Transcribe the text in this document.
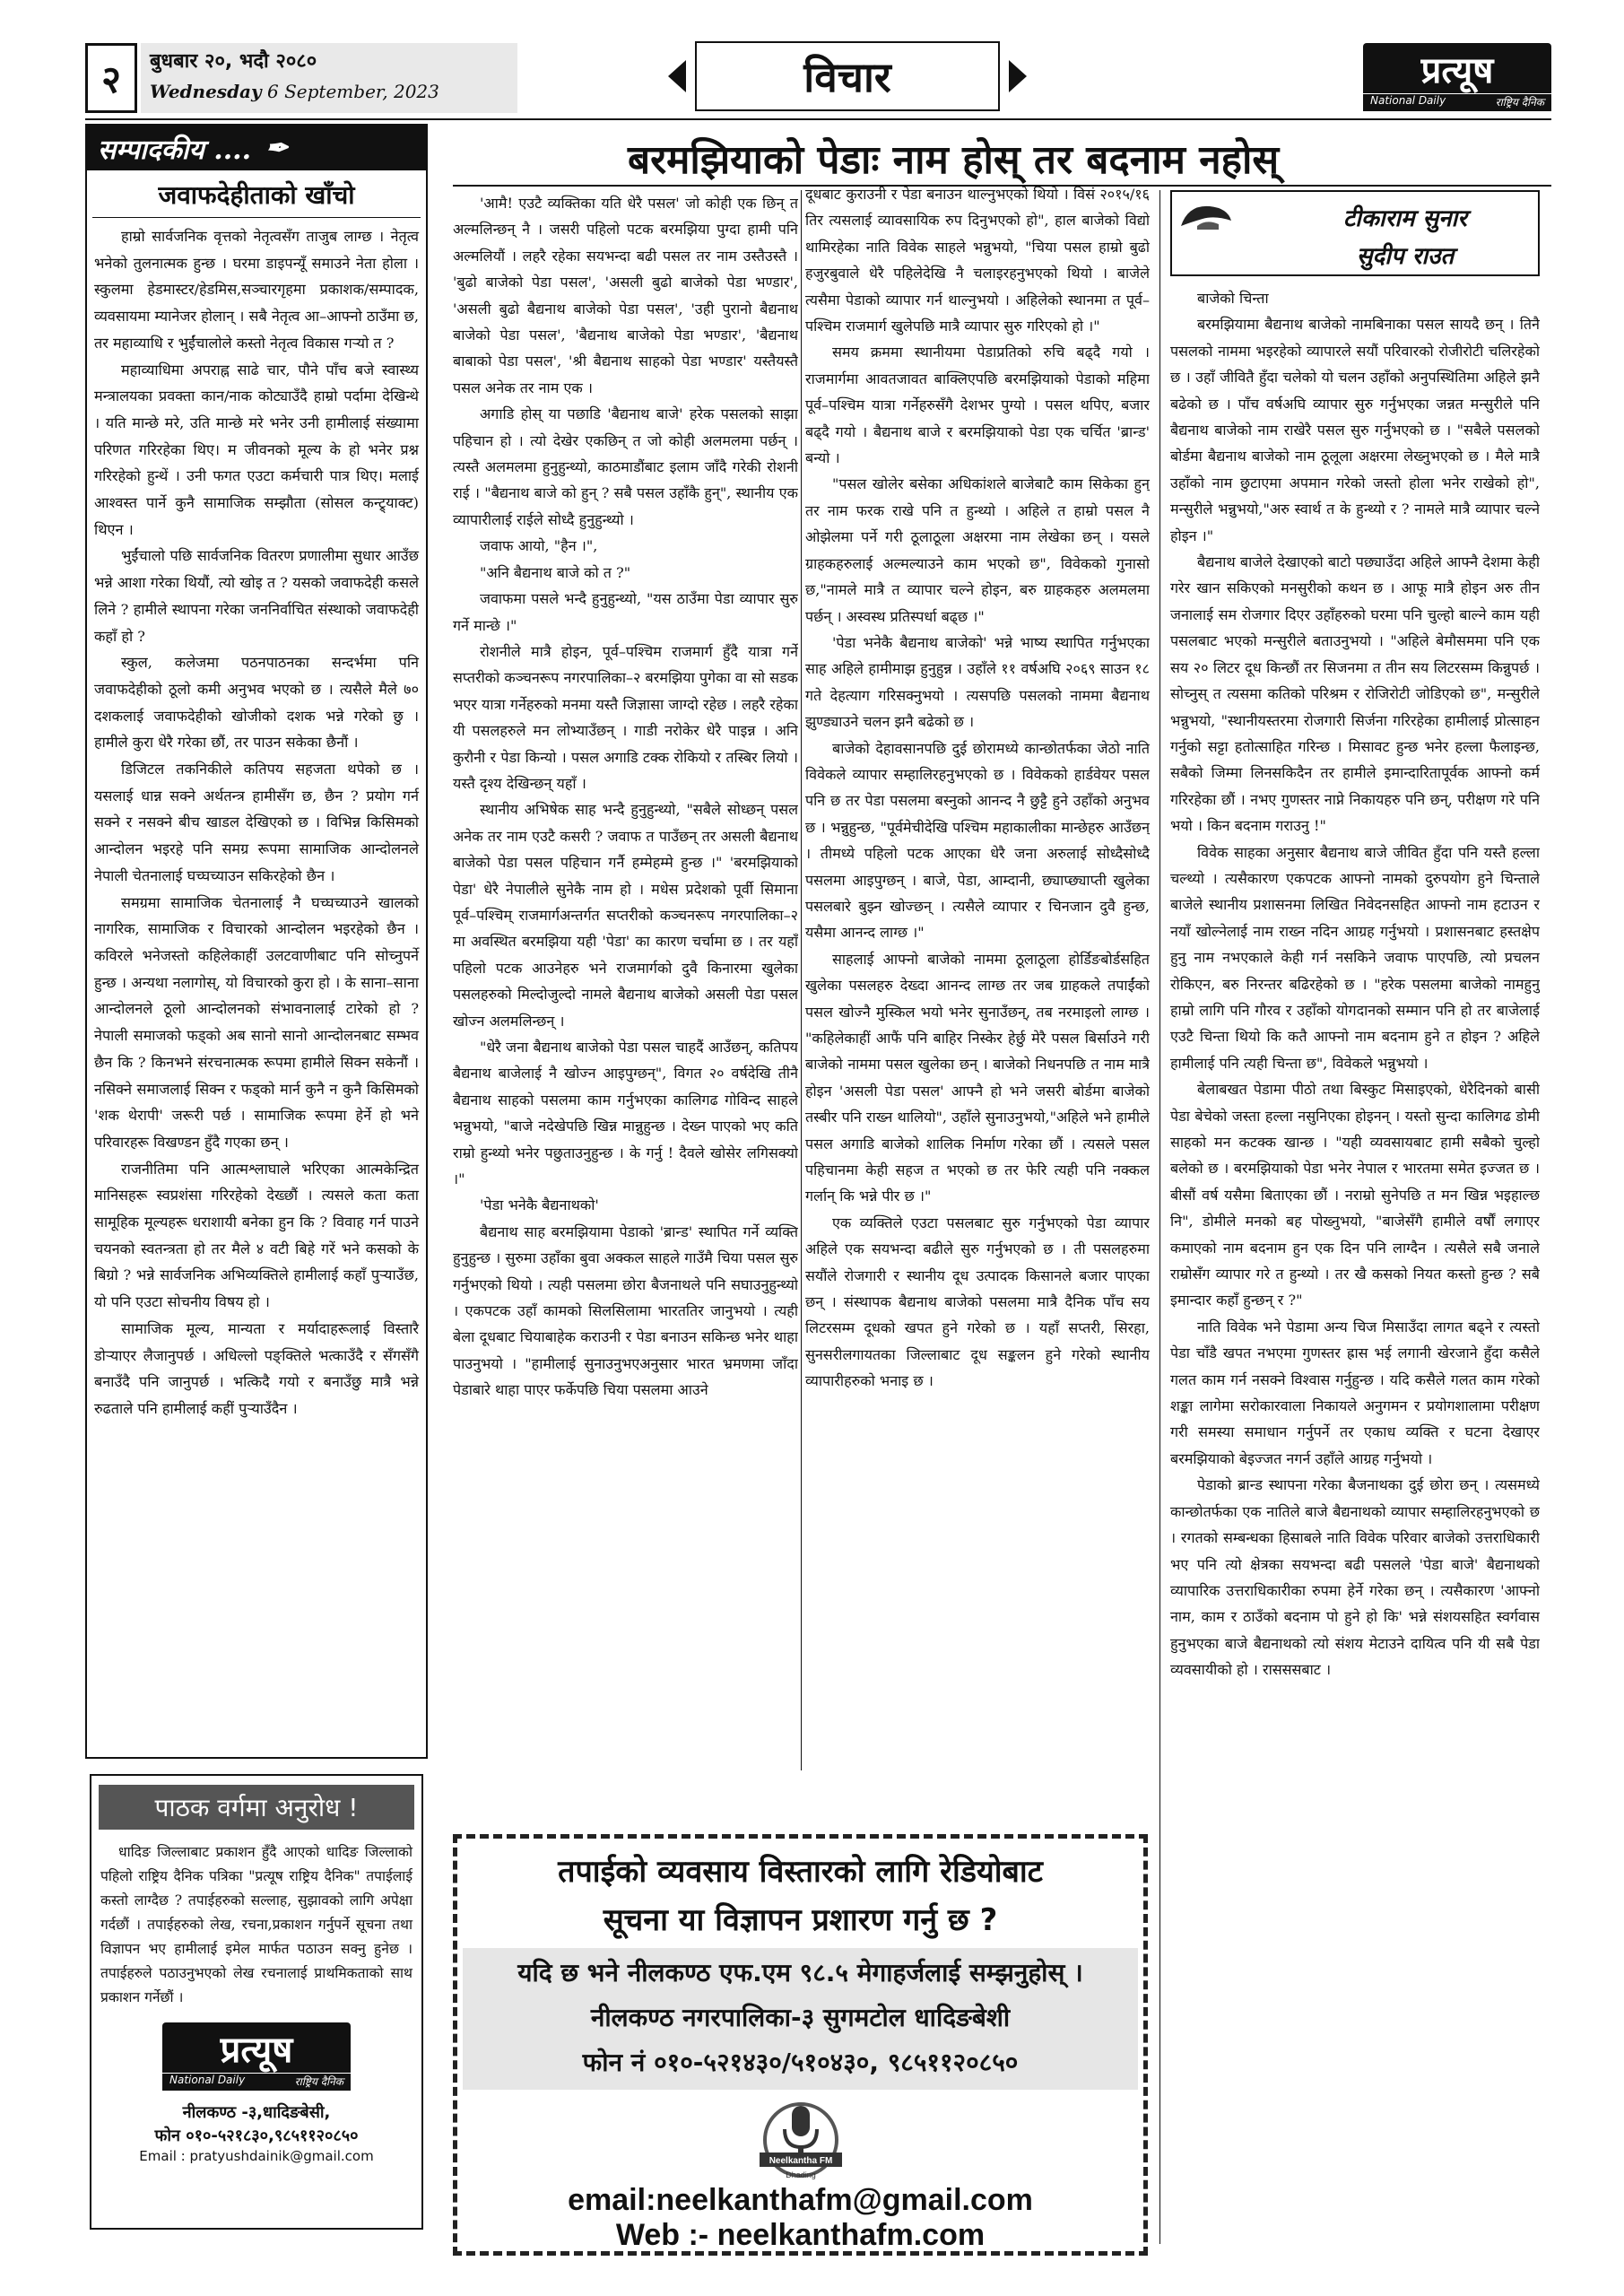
२	बुधबार २०, भदौ २०८०
Wednesday 6 September, 2023	विचार	प्रत्यूष
National Daily	राष्ट्रिय दैनिक
सम्पादकीय .... ✒
जवाफदेहीताको खाँचो

हाम्रो सार्वजनिक वृत्तको नेतृत्वसँग ताजुब लाग्छ । नेतृत्व भनेको तुलनात्मक हुन्छ । घरमा डाइपन्यूँ समाउने नेता होला । स्कुलमा हेडमास्टर/हेडमिस,सञ्चारगृहमा प्रकाशक/सम्पादक, व्यवसायमा म्यानेजर होलान् । सबै नेतृत्व आ–आफ्नो ठाउँमा छ, तर महाव्याधि र भुईंचालोले कस्तो नेतृत्व विकास गर्‍यो त ?

महाव्याधिमा अपराह्न साढे चार, पौने पाँच बजे स्वास्थ्य मन्त्रालयका प्रवक्ता कान/नाक कोट्याउँदै हाम्रो पर्दामा देखिन्थे । यति मान्छे मरे, उति मान्छे मरे भनेर उनी हामीलाई संख्यामा परिणत गरिरहेका थिए। म जीवनको मूल्य के हो भनेर प्रश्न गरिरहेको हुन्थें । उनी फगत एउटा कर्मचारी पात्र थिए। मलाई आश्वस्त पार्ने कुनै सामाजिक सम्झौता (सोसल कन्ट्र्याक्ट) थिएन ।

भुईंचालो पछि सार्वजनिक वितरण प्रणालीमा सुधार आउँछ भन्ने आशा गरेका थियौं, त्यो खोइ त ? यसको जवाफदेही कसले लिने ? हामीले स्थापना गरेका जननिर्वाचित संस्थाको जवाफदेही कहाँ हो ?

स्कुल, कलेजमा पठनपाठनका सन्दर्भमा पनि जवाफदेहीको ठूलो कमी अनुभव भएको छ । त्यसैले मैले ७० दशकलाई जवाफदेहीको खोजीको दशक भन्ने गरेको छु । हामीले कुरा धेरै गरेका छौं, तर पाउन सकेका छैनौं ।

डिजिटल तकनिकीले कतिपय सहजता थपेको छ । यसलाई धान्न सक्ने अर्थतन्त्र हामीसँग छ, छैन ? प्रयोग गर्न सक्ने र नसक्ने बीच खाडल देखिएको छ । विभिन्न किसिमको आन्दोलन भइरहे पनि समग्र रूपमा सामाजिक आन्दोलनले नेपाली चेतनालाई घच्घच्याउन सकिरहेको छैन ।

समग्रमा सामाजिक चेतनालाई नै घच्घच्याउने खालको नागरिक, सामाजिक र विचारको आन्दोलन भइरहेको छैन ।कविरले भनेजस्तो कहिलेकाहीं उलटवाणीबाट पनि सोच्नुपर्ने हुन्छ । अन्यथा नलागोस्, यो विचारको कुरा हो । के साना–साना आन्दोलनले ठूलो आन्दोलनको संभावनालाई टारेको हो ? नेपाली समाजको फड्को अब सानो सानो आन्दोलनबाट सम्भव छैन कि ? किनभने संरचनात्मक रूपमा हामीले सिक्न सकेनौं । नसिक्ने समाजलाई सिक्न र फड्को मार्न कुनै न कुनै किसिमको 'शक थेरापी' जरूरी पर्छ । सामाजिक रूपमा हेर्ने हो भने परिवारहरू विखण्डन हुँदै गएका छन् ।

राजनीतिमा पनि आत्मश्लाघाले भरिएका आत्मकेन्द्रित मानिसहरू स्वप्रशंसा गरिरहेको देख्छौं । त्यसले कता कता सामूहिक मूल्यहरू धराशायी बनेका हुन कि ? विवाह गर्न पाउने चयनको स्वतन्त्रता हो तर मैले ४ वटी बिहे गरें भने कसको के बिग्रो ? भन्ने सार्वजनिक अभिव्यक्तिले हामीलाई कहाँ पुर्‍याउँछ, यो पनि एउटा सोचनीय विषय हो ।

सामाजिक मूल्य, मान्यता र मर्यादाहरूलाई विस्तारै डोऱ्याएर लैजानुपर्छ । अधिल्लो पङ्क्तिले भत्काउँदै र सँगसँगै बनाउँदै पनि जानुपर्छ । भत्किदै गयो र बनाउँछु मात्रै भन्ने रुढताले पनि हामीलाई कहीं पुर्‍याउँदैन ।

पाठक वर्गमा अनुरोध !

धादिङ जिल्लाबाट प्रकाशन हुँदै आएको धादिङ जिल्लाको पहिलो राष्ट्रिय दैनिक पत्रिका "प्रत्यूष राष्ट्रिय दैनिक" तपाईलाई कस्तो लाग्दैछ ? तपाईहरुको सल्लाह, सुझावको लागि अपेक्षा गर्दछौं । तपाईहरुको लेख, रचना,प्रकाशन गर्नुपर्ने सूचना तथा विज्ञापन भए हामीलाई इमेल मार्फत पठाउन सक्नु हुनेछ । तपाईहरुले पठाउनुभएको लेख रचनालाई प्राथमिकताको साथ प्रकाशन गर्नेछौं ।

प्रत्यूष
National Daily	राष्ट्रिय दैनिक
नीलकण्ठ -३,धादिङबेसी,
फोन ०१०-५२१८३०,९८५११२०८५०
Email : pratyushdainik@gmail.com
बरमझियाको पेडाः नाम होस् तर बदनाम नहोस्

'आमै! एउटै व्यक्तिका यति धेरै पसल' जो कोही एक छिन् त अल्मलिन्छन् नै । जसरी पहिलो पटक बरमझिया पुग्दा हामी पनि अल्मलियौं । लहरै रहेका सयभन्दा बढी पसल तर नाम उस्तैउस्तै । 'बुढो बाजेको पेडा पसल', 'असली बुढो बाजेको पेडा भण्डार', 'असली बुढो बैद्यनाथ बाजेको पेडा पसल', 'उही पुरानो बैद्यनाथ बाजेको पेडा पसल', 'बैद्यनाथ बाजेको पेडा भण्डार', 'बैद्यनाथ बाबाको पेडा पसल', 'श्री बैद्यनाथ साहको पेडा भण्डार' यस्तैयस्तै पसल अनेक तर नाम एक ।

अगाडि होस् या पछाडि 'बैद्यनाथ बाजे' हरेक पसलको साझा पहिचान हो । त्यो देखेर एकछिन् त जो कोही अलमलमा पर्छन् । त्यस्तै अलमलमा हुनुहुन्थ्यो, काठमाडौंबाट इलाम जाँदै गरेकी रोशनी राई । "बैद्यनाथ बाजे को हुन् ? सबै पसल उहाँकै हुन्", स्थानीय एक व्यापारीलाई राईले सोध्दै हुनुहुन्थ्यो ।

जवाफ आयो, "हैन ।",

"अनि बैद्यनाथ बाजे को त ?"

जवाफमा पसले भन्दै हुनुहुन्थ्यो, "यस ठाउँमा पेडा व्यापार सुरु गर्ने मान्छे ।"

रोशनीले मात्रै होइन, पूर्व–पश्चिम राजमार्ग हुँदै यात्रा गर्ने सप्तरीको कञ्चनरूप नगरपालिका–२ बरमझिया पुगेका वा सो सडक भएर यात्रा गर्नेहरुको मनमा यस्तै जिज्ञासा जाग्दो रहेछ । लहरै रहेका यी पसलहरुले मन लोभ्याउँछन् । गाडी नरोकेर धेरै पाइन्न । अनि कुरौनी र पेडा किन्यो । पसल अगाडि टक्क रोकियो र तस्बिर लियो । यस्तै दृश्य देखिन्छन् यहाँ ।

स्थानीय अभिषेक साह भन्दै हुनुहुन्थ्यो, "सबैले सोध्छन् पसल अनेक तर नाम एउटै कसरी ? जवाफ त पाउँछन् तर असली बैद्यनाथ बाजेको पेडा पसल पहिचान गर्नै हम्मेहम्मे हुन्छ ।" 'बरमझियाको पेडा' धेरै नेपालीले सुनेकै नाम हो । मधेस प्रदेशको पूर्वी सिमाना पूर्व–पश्चिम् राजमार्गअन्तर्गत सप्तरीको कञ्चनरूप नगरपालिका–२ मा अवस्थित बरमझिया यही 'पेडा' का कारण चर्चामा छ । तर यहाँ पहिलो पटक आउनेहरु भने राजमार्गको दुवै किनारमा खुलेका पसलहरुको मिल्दोजुल्दो नामले बैद्यनाथ बाजेको असली पेडा पसल खोज्न अलमलिन्छन् ।

"धेरै जना बैद्यनाथ बाजेको पेडा पसल चाहदैं आउँछन्, कतिपय बैद्यनाथ बाजेलाई नै खोज्न आइपुग्छन्", विगत २० वर्षदेखि तीनै बैद्यनाथ साहको पसलमा काम गर्नुभएका कालिगढ गोविन्द साहले भन्नुभयो, "बाजे नदेखेपछि खिन्न मान्नुहुन्छ । देख्न पाएको भए कति राम्रो हुन्थ्यो भनेर पछुताउनुहुन्छ । के गर्नु ! दैवले खोसेर लगिसक्यो ।"

'पेडा भनेकै बैद्यनाथको'

बैद्यनाथ साह बरमझियामा पेडाको 'ब्रान्ड' स्थापित गर्ने व्यक्ति हुनुहुन्छ । सुरुमा उहाँका बुवा अक्कल साहले गाउँमै चिया पसल सुरु गर्नुभएको थियो । त्यही पसलमा छोरा बैजनाथले पनि सघाउनुहुन्थ्यो । एकपटक उहाँ कामको सिलसिलामा भारततिर जानुभयो । त्यही बेला दूधबाट चियाबाहेक कराउनी र पेडा बनाउन सकिन्छ भनेर थाहा पाउनुभयो । "हामीलाई सुनाउनुभएअनुसार भारत भ्रमणमा जाँदा पेडाबारे थाहा पाएर फर्केपछि चिया पसलमा आउने

दूधबाट कुराउनी र पेडा बनाउन थाल्नुभएको थियो । विसं २०१५/१६ तिर त्यसलाई व्यावसायिक रुप दिनुभएको हो", हाल बाजेको विद्यो थामिरहेका नाति विवेक साहले भन्नुभयो, "चिया पसल हाम्रो बुढो हजुरबुवाले धेरै पहिलेदेखि नै चलाइरहनुभएको थियो । बाजेले त्यसैमा पेडाको व्यापार गर्न थाल्नुभयो । अहिलेको स्थानमा त पूर्व–पश्चिम राजमार्ग खुलेपछि मात्रै व्यापार सुरु गरिएको हो ।"

समय क्रममा स्थानीयमा पेडाप्रतिको रुचि बढ्दै गयो । राजमार्गमा आवतजावत बाक्लिएपछि बरमझियाको पेडाको महिमा पूर्व–पश्चिम यात्रा गर्नेहरुसँगै देशभर पुग्यो । पसल थपिए, बजार बढ्दै गयो । बैद्यनाथ बाजे र बरमझियाको पेडा एक चर्चित 'ब्रान्ड' बन्यो ।

"पसल खोलेर बसेका अधिकांशले बाजेबाटै काम सिकेका हुन् तर नाम फरक राखे पनि त हुन्थ्यो । अहिले त हाम्रो पसल नै ओझेलमा पर्ने गरी ठूलाठूला अक्षरमा नाम लेखेका छन् । यसले ग्राहकहरुलाई अल्मल्याउने काम भएको छ", विवेकको गुनासो छ,"नामले मात्रै त व्यापार चल्ने होइन, बरु ग्राहकहरु अलमलमा पर्छन् । अस्वस्थ प्रतिस्पर्धा बढ्छ ।"

'पेडा भनेकै बैद्यनाथ बाजेको' भन्ने भाष्य स्थापित गर्नुभएका साह अहिले हामीमाझ हुनुहुन्न । उहाँले ११ वर्षअघि २०६९ साउन १८ गते देहत्याग गरिसक्नुभयो । त्यसपछि पसलको नाममा बैद्यनाथ झुण्ड्याउने चलन झनै बढेको छ ।

बाजेको देहावसानपछि दुई छोरामध्ये कान्छोतर्फका जेठो नाति विवेकले व्यापार सम्हालिरहनुभएको छ । विवेकको हार्डवेयर पसल पनि छ तर पेडा पसलमा बस्नुको आनन्द नै छुट्टै हुने उहाँको अनुभव छ । भन्नुहुन्छ, "पूर्वमेचीदेखि पश्चिम महाकालीका मान्छेहरु आउँछन् । तीमध्ये पहिलो पटक आएका धेरै जना अरुलाई सोध्दैसोध्दै पसलमा आइपुग्छन् । बाजे, पेडा, आम्दानी, छ्याप्छ्याप्ती खुलेका पसलबारे बुझ्न खोज्छन् । त्यसैले व्यापार र चिनजान दुवै हुन्छ, यसैमा आनन्द लाग्छ ।"

साहलाई आफ्नो बाजेको नाममा ठूलाठूला होर्डिङबोर्डसहित खुलेका पसलहरु देख्दा आनन्द लाग्छ तर जब ग्राहकले तपाईंको पसल खोज्नै मुस्किल भयो भनेर सुनाउँछन्, तब नरमाइलो लाग्छ । "कहिलेकाहीं आफैं पनि बाहिर निस्केर हेर्छु मेरै पसल बिर्साउने गरी बाजेको नाममा पसल खुलेका छन् । बाजेको निधनपछि त नाम मात्रै होइन 'असली पेडा पसल' आफ्नै हो भने जसरी बोर्डमा बाजेको तस्बीर पनि राख्न थालियो", उहाँले सुनाउनुभयो,"अहिले भने हामीले पसल अगाडि बाजेको शालिक निर्माण गरेका छौं । त्यसले पसल पहिचानमा केही सहज त भएको छ तर फेरि त्यही पनि नक्कल गर्लान् कि भन्ने पीर छ ।"

एक व्यक्तिले एउटा पसलबाट सुरु गर्नुभएको पेडा व्यापार अहिले एक सयभन्दा बढीले सुरु गर्नुभएको छ । ती पसलहरुमा सयौंले रोजगारी र स्थानीय दूध उत्पादक किसानले बजार पाएका छन् । संस्थापक बैद्यनाथ बाजेको पसलमा मात्रै दैनिक पाँच सय लिटरसम्म दूधको खपत हुने गरेको छ । यहाँ सप्तरी, सिरहा, सुनसरीलगायतका जिल्लाबाट दूध सङ्कलन हुने गरेको स्थानीय व्यापारीहरुको भनाइ छ ।

टीकाराम सुनार
सुदीप राउत

बाजेको चिन्ता

बरमझियामा बैद्यनाथ बाजेको नामबिनाका पसल सायदै छन् । तिनै पसलको नाममा भइरहेको व्यापारले सयौं परिवारको रोजीरोटी चलिरहेको छ । उहाँ जीवितै हुँदा चलेको यो चलन उहाँको अनुपस्थितिमा अहिले झनै बढेको छ । पाँच वर्षअघि व्यापार सुरु गर्नुभएका जन्नत मन्सुरीले पनि बैद्यनाथ बाजेको नाम राखेरै पसल सुरु गर्नुभएको छ । "सबैले पसलको बोर्डमा बैद्यनाथ बाजेको नाम ठूलूला अक्षरमा लेख्नुभएको छ । मैले मात्रै उहाँको नाम छुटाएमा अपमान गरेको जस्तो होला भनेर राखेको हो", मन्सुरीले भन्नुभयो,"अरु स्वार्थ त के हुन्थ्यो र ? नामले मात्रै व्यापार चल्ने होइन ।"

बैद्यनाथ बाजेले देखाएको बाटो पछ्याउँदा अहिले आफ्नै देशमा केही गरेर खान सकिएको मनसुरीको कथन छ । आफू मात्रै होइन अरु तीन जनालाई सम रोजगार दिएर उहाँहरुको घरमा पनि चुल्हो बाल्ने काम यही पसलबाट भएको मन्सुरीले बताउनुभयो । "अहिले बेमौसममा पनि एक सय २० लिटर दूध किन्छौं तर सिजनमा त तीन सय लिटरसम्म किन्नुपर्छ । सोच्नुस् त त्यसमा कतिको परिश्रम र रोजिरोटी जोडिएको छ", मन्सुरीले भन्नुभयो, "स्थानीयस्तरमा रोजगारी सिर्जना गरिरहेका हामीलाई प्रोत्साहन गर्नुको सट्टा हतोत्साहित गरिन्छ । मिसावट हुन्छ भनेर हल्ला फैलाइन्छ, सबैको जिम्मा लिनसकिदैन तर हामीले इमान्दारितापूर्वक आफ्नो कर्म गरिरहेका छौं । नभए गुणस्तर नाप्ने निकायहरु पनि छन्, परीक्षण गरे पनि भयो । किन बदनाम गराउनु !"

विवेक साहका अनुसार बैद्यनाथ बाजे जीवित हुँदा पनि यस्तै हल्ला चल्थ्यो । त्यसैकारण एकपटक आफ्नो नामको दुरुपयोग हुने चिन्ताले बाजेले स्थानीय प्रशासनमा लिखित निवेदनसहित आफ्नो नाम हटाउन र नयाँ खोल्नेलाई नाम राख्न नदिन आग्रह गर्नुभयो । प्रशासनबाट हस्तक्षेप हुनु नाम नभएकाले केही गर्न नसकिने जवाफ पाएपछि, त्यो प्रचलन रोकिएन, बरु निरन्तर बढिरहेको छ । "हरेक पसलमा बाजेको नामहुनु हाम्रो लागि पनि गौरव र उहाँको योगदानको सम्मान पनि हो तर बाजेलाई एउटै चिन्ता थियो कि कतै आफ्नो नाम बदनाम हुने त होइन ? अहिले हामीलाई पनि त्यही चिन्ता छ", विवेकले भन्नुभयो ।

बेलाबखत पेडामा पीठो तथा बिस्कुट मिसाइएको, धेरैदिनको बासी पेडा बेचेको जस्ता हल्ला नसुनिएका होइनन् । यस्तो सुन्दा कालिगढ डोमी साहको मन कटक्क खान्छ । "यही व्यवसायबाट हामी सबैको चुल्हो बलेको छ । बरमझियाको पेडा भनेर नेपाल र भारतमा समेत इज्जत छ । बीसौं वर्ष यसैमा बिताएका छौं । नराम्रो सुनेपछि त मन खिन्न भइहाल्छ नि", डोमीले मनको बह पोख्नुभयो, "बाजेसँगै हामीले वर्षौं लगाएर कमाएको नाम बदनाम हुन एक दिन पनि लाग्दैन । त्यसैले सबै जनाले राम्रोसँग व्यापार गरे त हुन्थ्यो । तर खै कसको नियत कस्तो हुन्छ ? सबै इमान्दार कहाँ हुन्छन् र ?"

नाति विवेक भने पेडामा अन्य चिज मिसाउँदा लागत बढ्ने र त्यस्तो पेडा चाँडै खपत नभएमा गुणस्तर ह्रास भई लगानी खेरजाने हुँदा कसैले गलत काम गर्न नसक्ने विश्वास गर्नुहुन्छ । यदि कसैले गलत काम गरेको शङ्का लागेमा सरोकारवाला निकायले अनुगमन र प्रयोगशालामा परीक्षण गरी समस्या समाधान गर्नुपर्ने तर एकाध व्यक्ति र घटना देखाएर बरमझियाको बेइज्जत नगर्न उहाँले आग्रह गर्नुभयो ।

पेडाको ब्रान्ड स्थापना गरेका बैजनाथका दुई छोरा छन् । त्यसमध्ये कान्छोतर्फका एक नातिले बाजे बैद्यनाथको व्यापार सम्हालिरहनुभएको छ । रगतको सम्बन्धका हिसाबले नाति विवेक परिवार बाजेको उत्तराधिकारी भए पनि त्यो क्षेत्रका सयभन्दा बढी पसलले 'पेडा बाजे' बैद्यनाथको व्यापारिक उत्तराधिकारीका रुपमा हेर्ने गरेका छन् । त्यसैकारण 'आफ्नो नाम, काम र ठाउँको बदनाम पो हुने हो कि' भन्ने संशयसहित स्वर्गवास हुनुभएका बाजे बैद्यनाथको त्यो संशय मेटाउने दायित्व पनि यी सबै पेडा व्यवसायीको हो । रासससबाट ।

तपाईको व्यवसाय विस्तारको लागि रेडियोबाट
सूचना या विज्ञापन प्रशारण गर्नु छ ?
यदि छ भने नीलकण्ठ एफ.एम ९८.५ मेगाहर्जलाई सम्झनुहोस् ।
नीलकण्ठ नगरपालिका-३ सुगमटोल धादिङबेशी
फोन नं ०१०-५२१४३०/५१०४३०, ९८५११२०८५०
Neelkantha FM
Dhading
email:neelkanthafm@gmail.com
Web :- neelkanthafm.com
